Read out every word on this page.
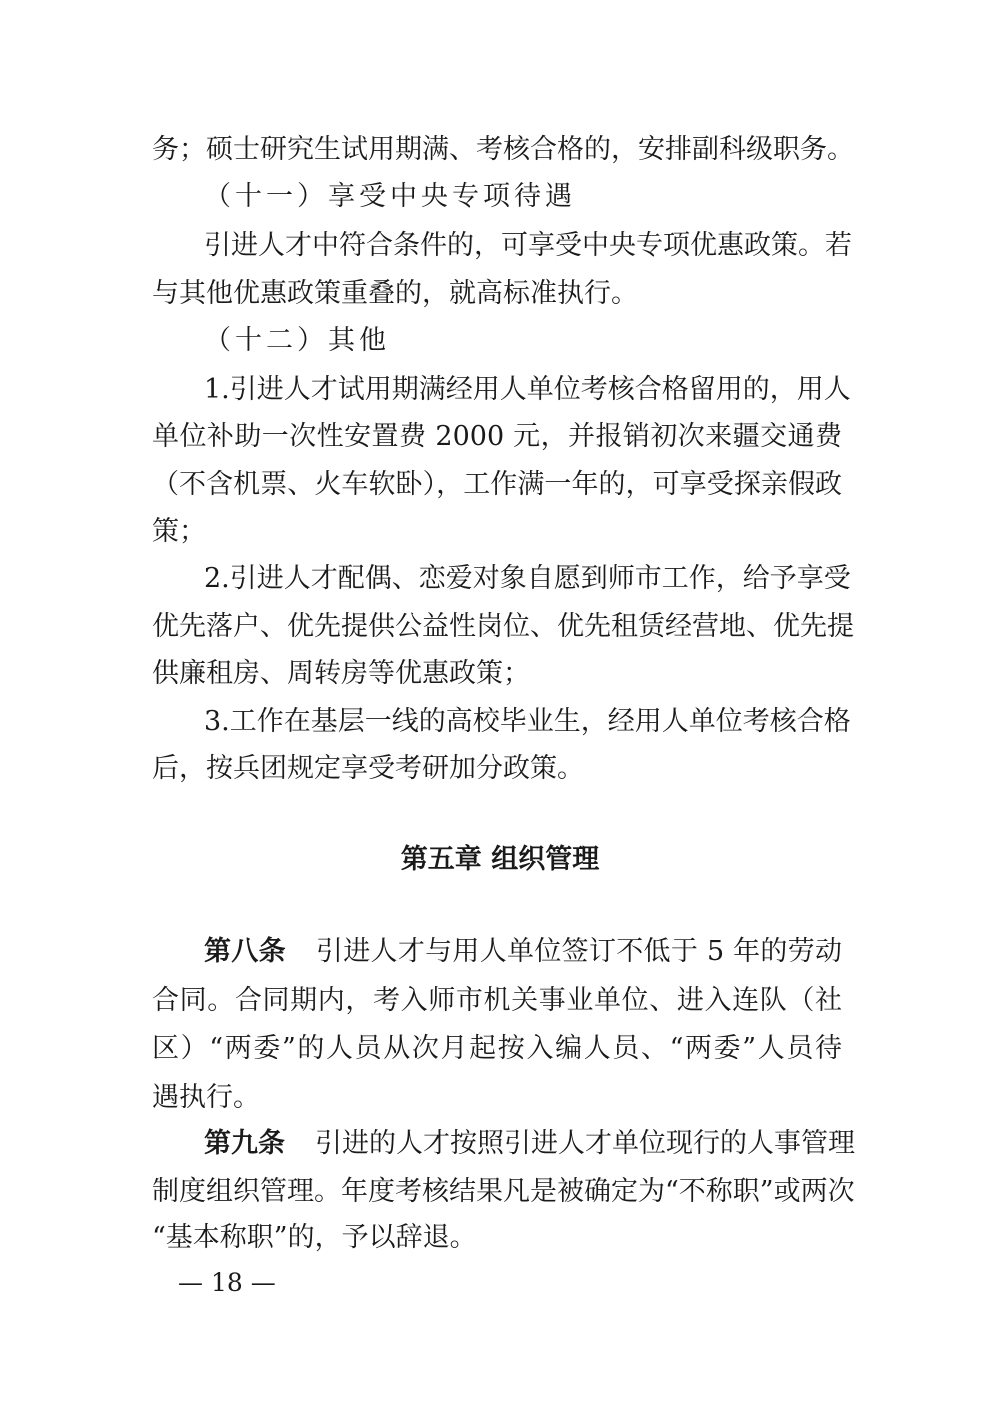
务；硕士研究生试用期满、考核合格的，安排副科级职务。
（十一）享受中央专项待遇
引进人才中符合条件的，可享受中央专项优惠政策。若
与其他优惠政策重叠的，就高标准执行。
（十二）其他
1.引进人才试用期满经用人单位考核合格留用的，用人
单位补助一次性安置费 2000 元，并报销初次来疆交通费
（不含机票、火车软卧），工作满一年的，可享受探亲假政
策；
2.引进人才配偶、恋爱对象自愿到师市工作，给予享受
优先落户、优先提供公益性岗位、优先租赁经营地、优先提
供廉租房、周转房等优惠政策；
3.工作在基层一线的高校毕业生，经用人单位考核合格
后，按兵团规定享受考研加分政策。
第五章 组织管理
第八条 引进人才与用人单位签订不低于 5 年的劳动
合同。合同期内，考入师市机关事业单位、进入连队（社
区）“两委”的人员从次月起按入编人员、“两委”人员待
遇执行。
第九条 引进的人才按照引进人才单位现行的人事管理
制度组织管理。年度考核结果凡是被确定为“不称职”或两次
“基本称职”的，予以辞退。
— 18 —
